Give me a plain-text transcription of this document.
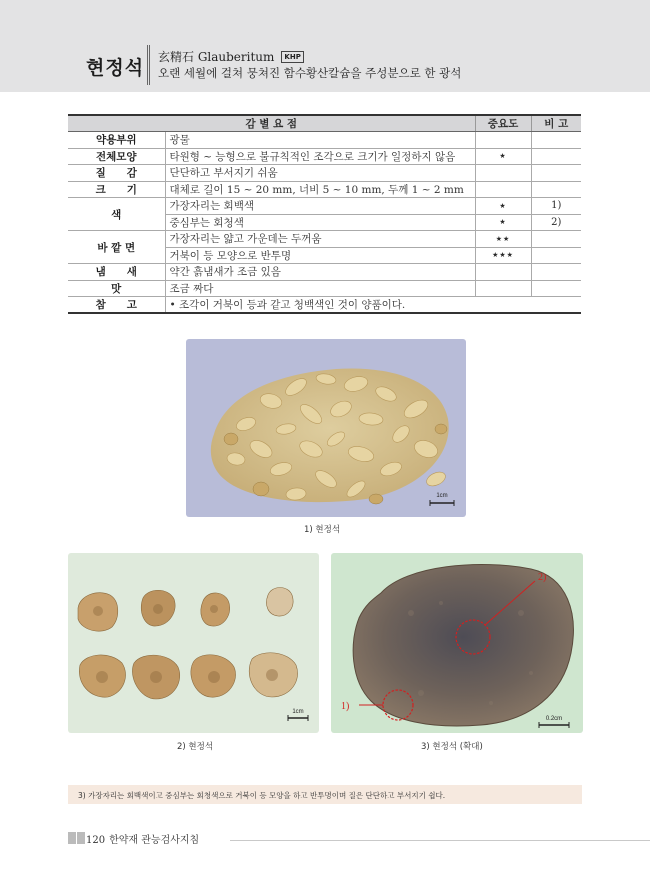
현정석 玄精石 Glauberitum	KHP
오랜 세월에 걸쳐 뭉쳐진 함수황산칼슘을 주성분으로 한 광석
감 별 요 점		중요도	비 고
약용부위	광물		
전체모양	타원형 ~ 능형으로 불규칙적인 조각으로 크기가 일정하지 않음	★	
질　　감	단단하고 부서지기 쉬움		
크　　기	대체로 길이 15 ~ 20 mm, 너비 5 ~ 10 mm, 두께 1 ~ 2 mm		
색	가장자리는 회백색	★	1)
	중심부는 회청색	★	2)
바 깥 면	가장자리는 얇고 가운데는 두꺼움	★★	
	거북이 등 모양으로 반투명	★★★	
냄　　새	약간 흙냄새가 조금 있음		
맛	조금 짜다		
참　　고	• 조각이 거북이 등과 같고 청백색인 것이 양품이다.		
1cm
1) 현정석
1cm
2) 현정석
2)
1)
0.2cm
3) 현정석 (확대)
3) 가장자리는 회백색이고 중심부는 회청색으로 거북이 등 모양을 하고 반투명이며 질은 단단하고 부서지기 쉽다.
120 한약재 관능검사지침
